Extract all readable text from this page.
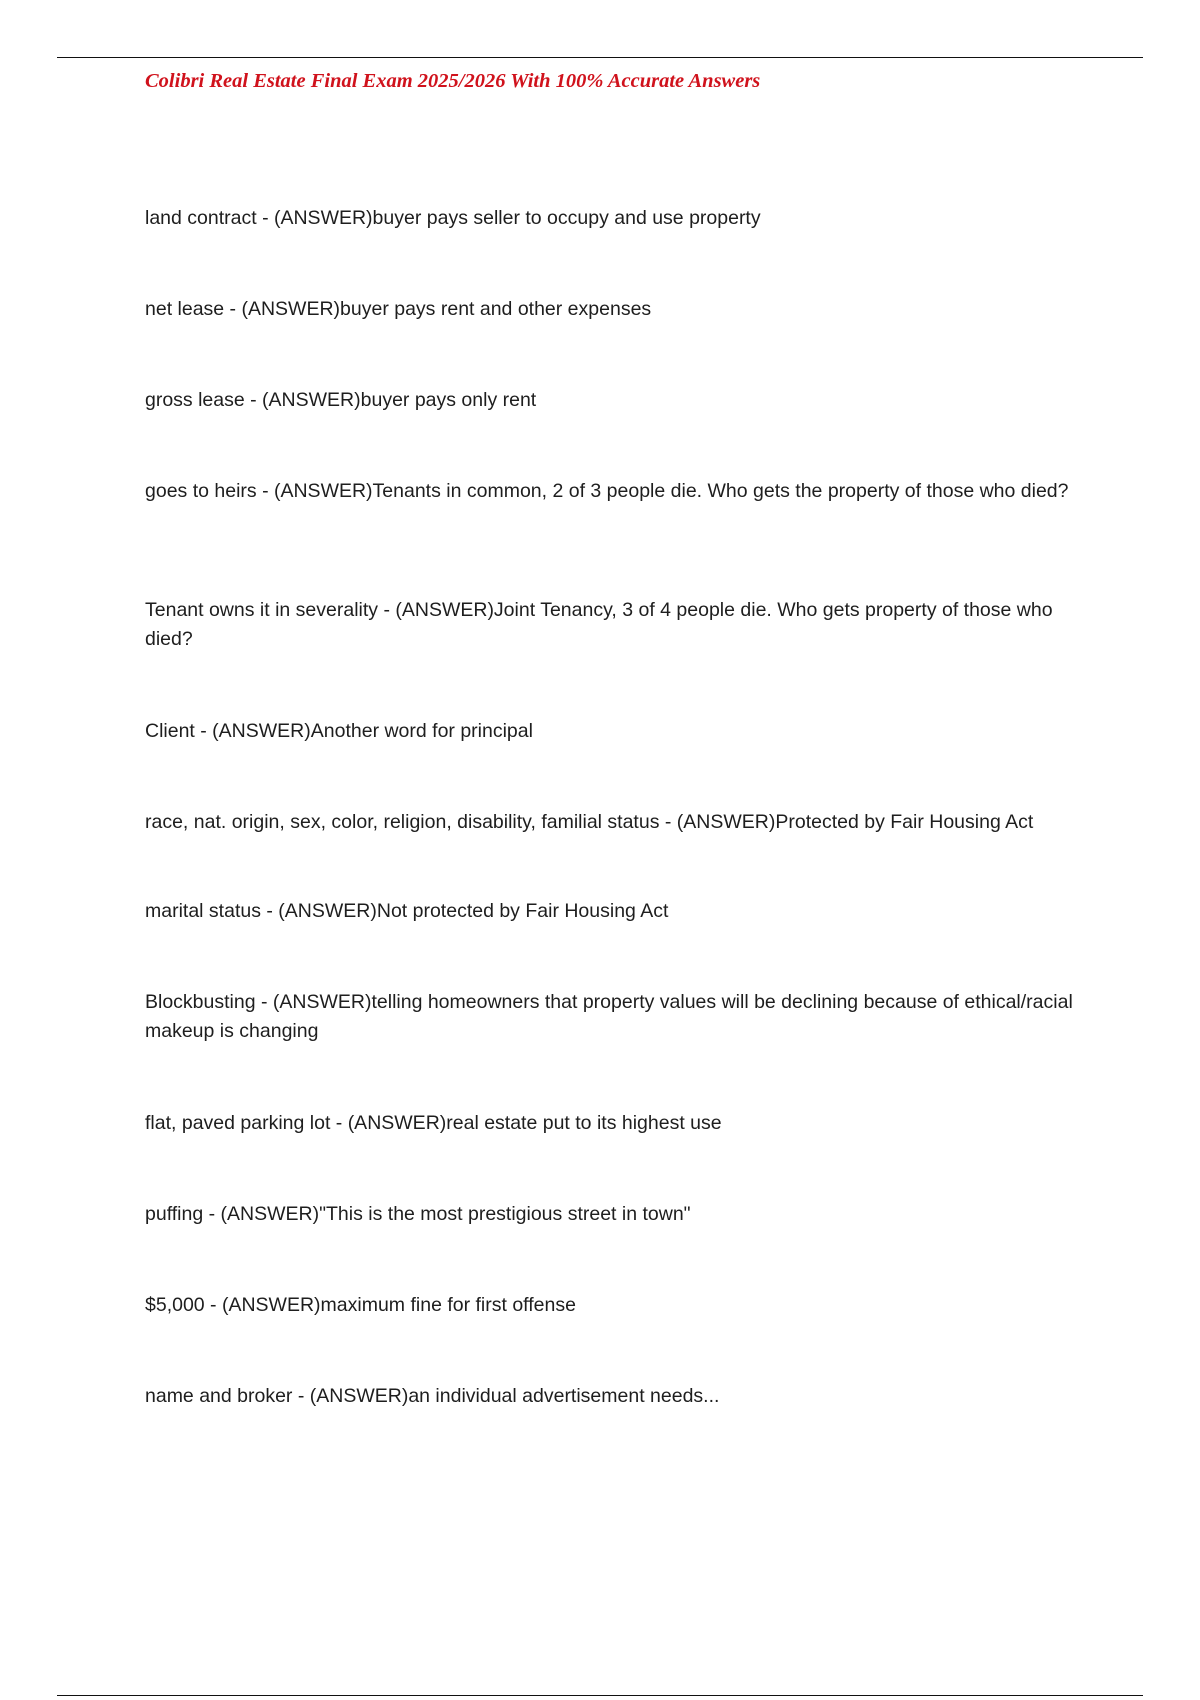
Colibri Real Estate Final Exam 2025/2026 With 100% Accurate Answers
land contract - (ANSWER)buyer pays seller to occupy and use property
net lease - (ANSWER)buyer pays rent and other expenses
gross lease - (ANSWER)buyer pays only rent
goes to heirs - (ANSWER)Tenants in common, 2 of 3 people die. Who gets the property of those who died?
Tenant owns it in severality - (ANSWER)Joint Tenancy, 3 of 4 people die. Who gets property of those who died?
Client - (ANSWER)Another word for principal
race, nat. origin, sex, color, religion, disability, familial status - (ANSWER)Protected by Fair Housing Act
marital status - (ANSWER)Not protected by Fair Housing Act
Blockbusting - (ANSWER)telling homeowners that property values will be declining because of ethical/racial makeup is changing
flat, paved parking lot - (ANSWER)real estate put to its highest use
puffing - (ANSWER)"This is the most prestigious street in town"
$5,000 - (ANSWER)maximum fine for first offense
name and broker - (ANSWER)an individual advertisement needs...
